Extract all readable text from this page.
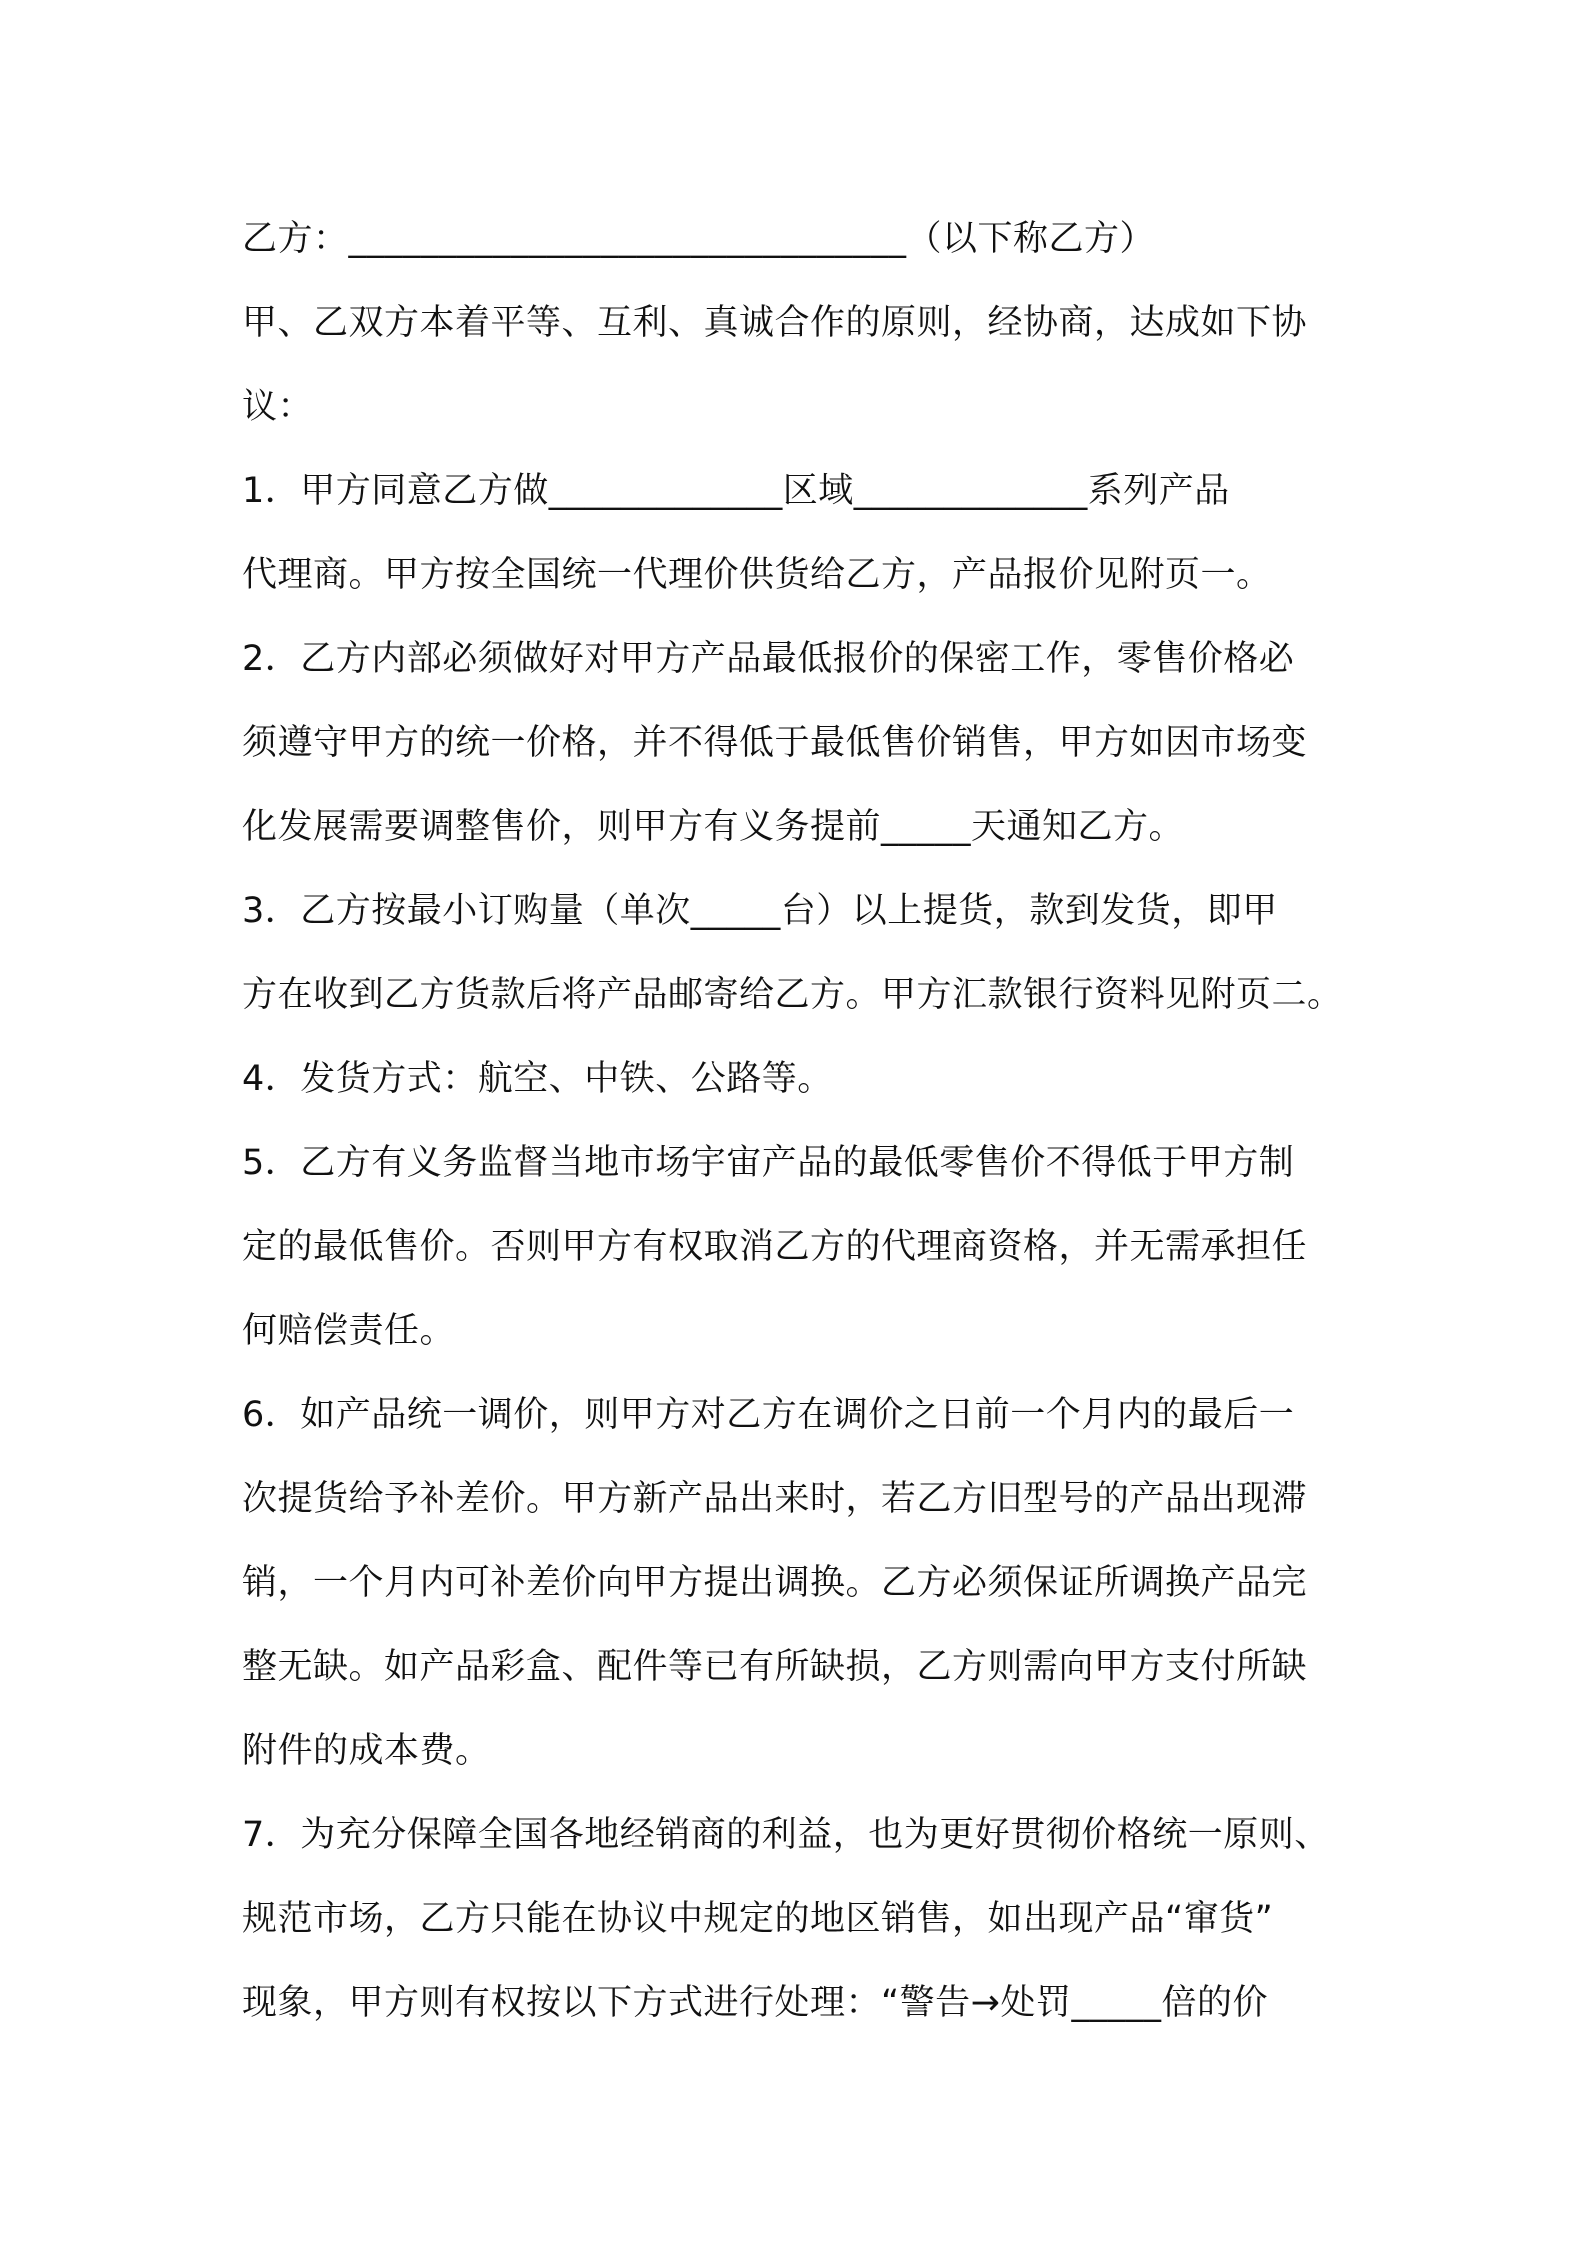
乙方：_______________________________（以下称乙方）
甲、乙双方本着平等、互利、真诚合作的原则，经协商，达成如下协
议：
1．甲方同意乙方做_____________区域_____________系列产品
代理商。甲方按全国统一代理价供货给乙方，产品报价见附页一。
2．乙方内部必须做好对甲方产品最低报价的保密工作，零售价格必
须遵守甲方的统一价格，并不得低于最低售价销售，甲方如因市场变
化发展需要调整售价，则甲方有义务提前_____天通知乙方。
3．乙方按最小订购量（单次_____台）以上提货，款到发货，即甲
方在收到乙方货款后将产品邮寄给乙方。甲方汇款银行资料见附页二。
4．发货方式：航空、中铁、公路等。
5．乙方有义务监督当地市场宇宙产品的最低零售价不得低于甲方制
定的最低售价。否则甲方有权取消乙方的代理商资格，并无需承担任
何赔偿责任。
6．如产品统一调价，则甲方对乙方在调价之日前一个月内的最后一
次提货给予补差价。甲方新产品出来时，若乙方旧型号的产品出现滞
销，一个月内可补差价向甲方提出调换。乙方必须保证所调换产品完
整无缺。如产品彩盒、配件等已有所缺损，乙方则需向甲方支付所缺
附件的成本费。
7．为充分保障全国各地经销商的利益，也为更好贯彻价格统一原则、
规范市场，乙方只能在协议中规定的地区销售，如出现产品“窜货”
现象，甲方则有权按以下方式进行处理：“警告→处罚_____倍的价
